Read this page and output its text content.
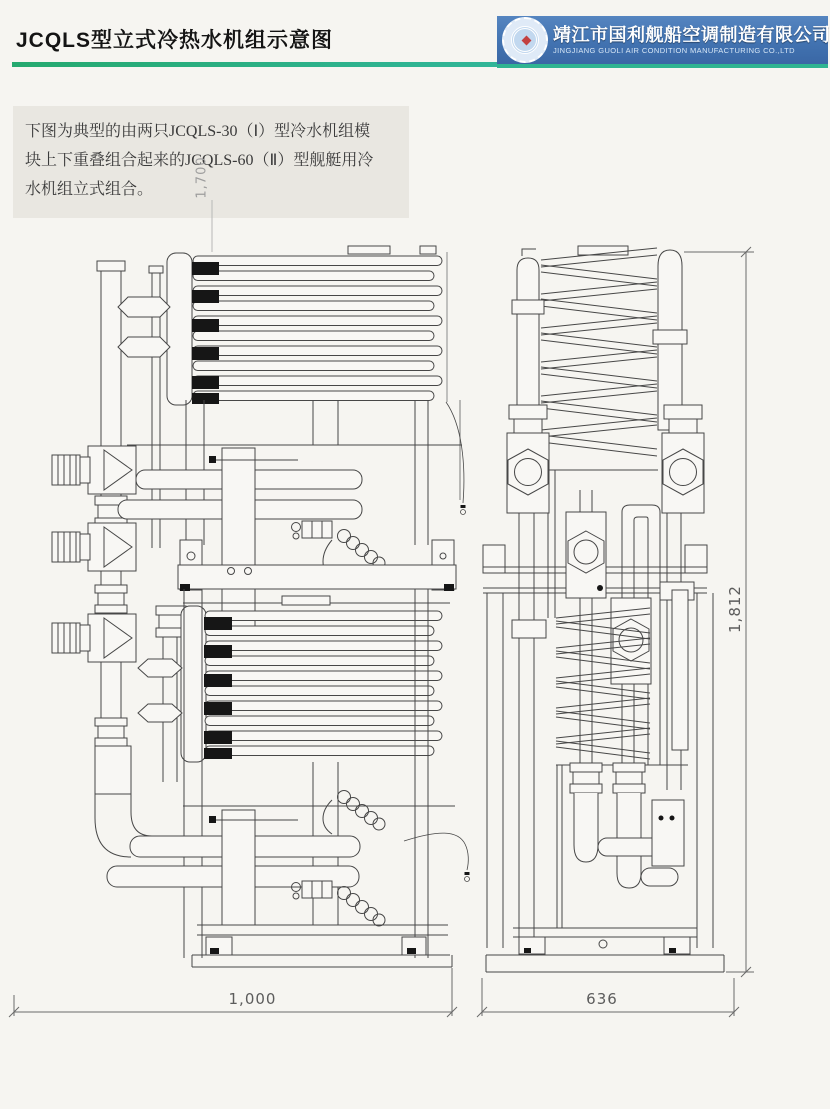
JCQLS型立式冷热水机组示意图	靖江市国利舰船空调制造有限公司
JINGJIANG GUOLI AIR CONDITION MANUFACTURING CO.,LTD
下图为典型的由两只JCQLS-30（Ⅰ）型冷水机组模
块上下重叠组合起来的JCQLS-60（Ⅱ）型舰艇用冷
水机组立式组合。
1,000	636
1,812
1,700
